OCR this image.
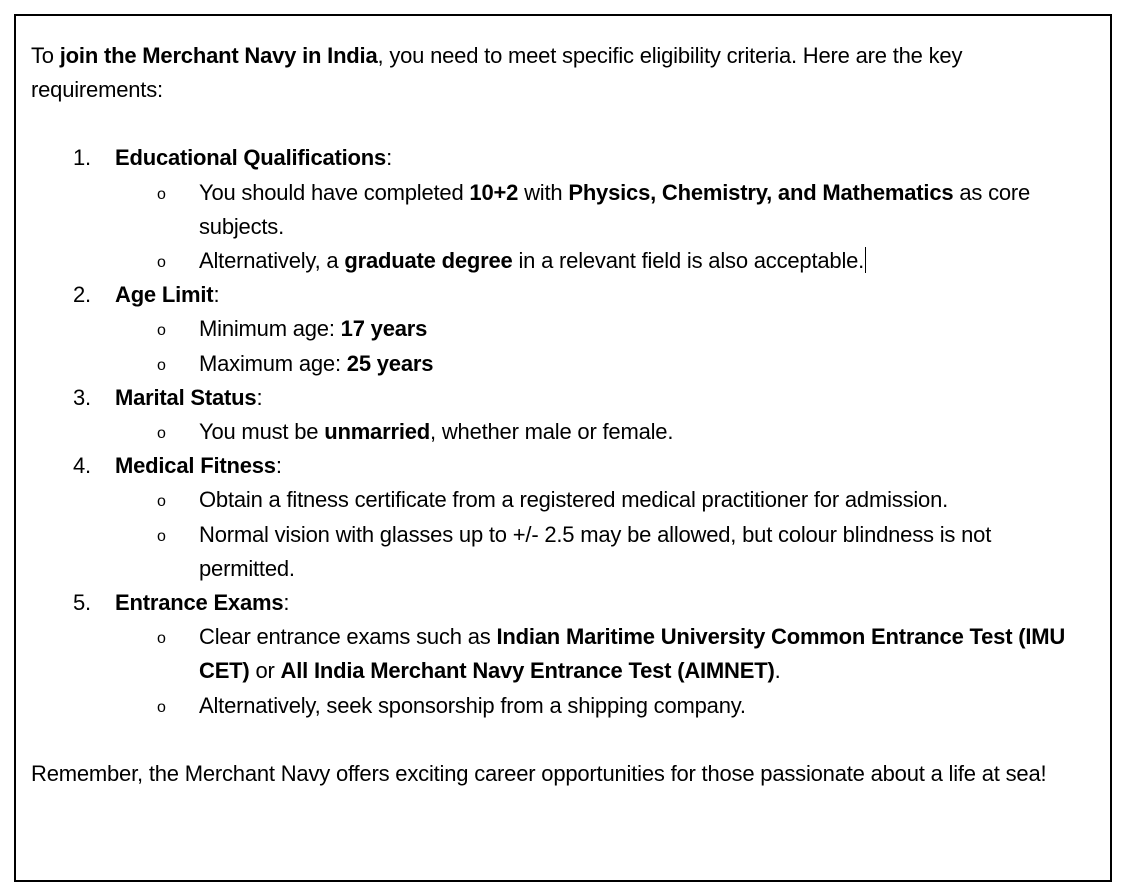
To join the Merchant Navy in India, you need to meet specific eligibility criteria. Here are the key requirements:

1. Educational Qualifications:
o You should have completed 10+2 with Physics, Chemistry, and Mathematics as core subjects.
o Alternatively, a graduate degree in a relevant field is also acceptable.
2. Age Limit:
o Minimum age: 17 years
o Maximum age: 25 years
3. Marital Status:
o You must be unmarried, whether male or female.
4. Medical Fitness:
o Obtain a fitness certificate from a registered medical practitioner for admission.
o Normal vision with glasses up to +/- 2.5 may be allowed, but colour blindness is not permitted.
5. Entrance Exams:
o Clear entrance exams such as Indian Maritime University Common Entrance Test (IMU CET) or All India Merchant Navy Entrance Test (AIMNET).
o Alternatively, seek sponsorship from a shipping company.

Remember, the Merchant Navy offers exciting career opportunities for those passionate about a life at sea!
